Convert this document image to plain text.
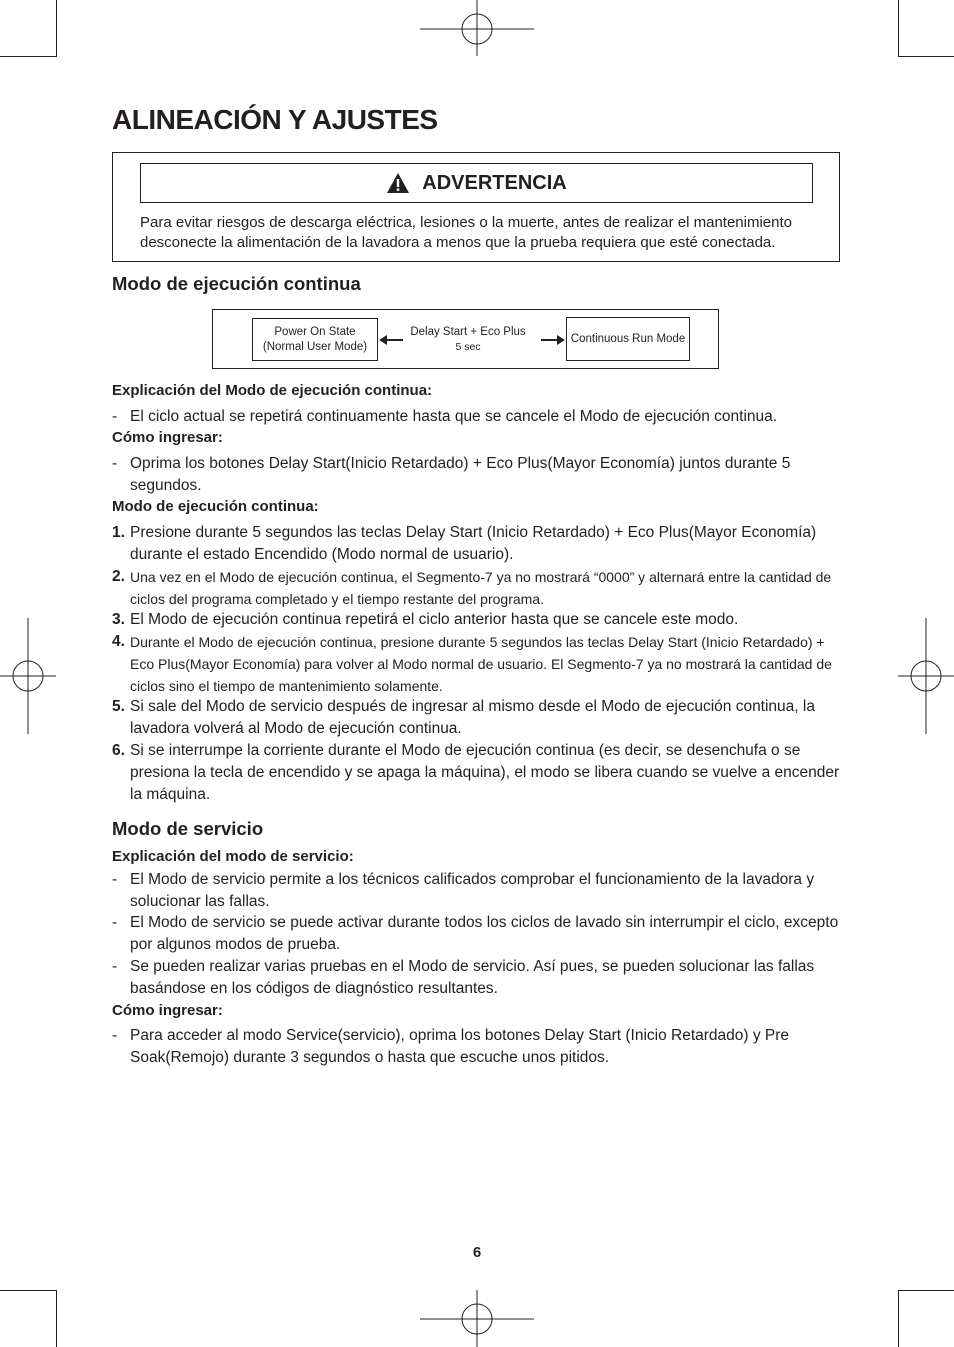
ALINEACIÓN Y AJUSTES
ADVERTENCIA
Para evitar riesgos de descarga eléctrica, lesiones o la muerte, antes de realizar el mantenimiento desconecte la alimentación de la lavadora a menos que la prueba requiera que esté conectada.
Modo de ejecución continua
Power On State
(Normal User Mode)
Delay Start + Eco Plus
5 sec
Continuous Run Mode
Explicación del Modo de ejecución continua:
- El ciclo actual se repetirá continuamente hasta que se cancele el Modo de ejecución continua.
Cómo ingresar:
- Oprima los botones Delay Start(Inicio Retardado) + Eco Plus(Mayor Economía) juntos durante 5 segundos.
Modo de ejecución continua:
1. Presione durante 5 segundos las teclas Delay Start (Inicio Retardado) + Eco Plus(Mayor Economía) durante el estado Encendido (Modo normal de usuario).
2. Una vez en el Modo de ejecución continua, el Segmento-7 ya no mostrará “0000” y alternará entre la cantidad de ciclos del programa completado y el tiempo restante del programa.
3. El Modo de ejecución continua repetirá el ciclo anterior hasta que se cancele este modo.
4. Durante el Modo de ejecución continua, presione durante 5 segundos las teclas Delay Start (Inicio Retardado) + Eco Plus(Mayor Economía) para volver al Modo normal de usuario. El Segmento-7 ya no mostrará la cantidad de ciclos sino el tiempo de mantenimiento solamente.
5. Si sale del Modo de servicio después de ingresar al mismo desde el Modo de ejecución continua, la lavadora volverá al Modo de ejecución continua.
6. Si se interrumpe la corriente durante el Modo de ejecución continua (es decir, se desenchufa o se presiona la tecla de encendido y se apaga la máquina), el modo se libera cuando se vuelve a encender la máquina.
Modo de servicio
Explicación del modo de servicio:
- El Modo de servicio permite a los técnicos calificados comprobar el funcionamiento de la lavadora y solucionar las fallas.
- El Modo de servicio se puede activar durante todos los ciclos de lavado sin interrumpir el ciclo, excepto por algunos modos de prueba.
- Se pueden realizar varias pruebas en el Modo de servicio. Así pues, se pueden solucionar las fallas basándose en los códigos de diagnóstico resultantes.
Cómo ingresar:
- Para acceder al modo Service(servicio), oprima los botones Delay Start (Inicio Retardado) y Pre Soak(Remojo) durante 3 segundos o hasta que escuche unos pitidos.
6
